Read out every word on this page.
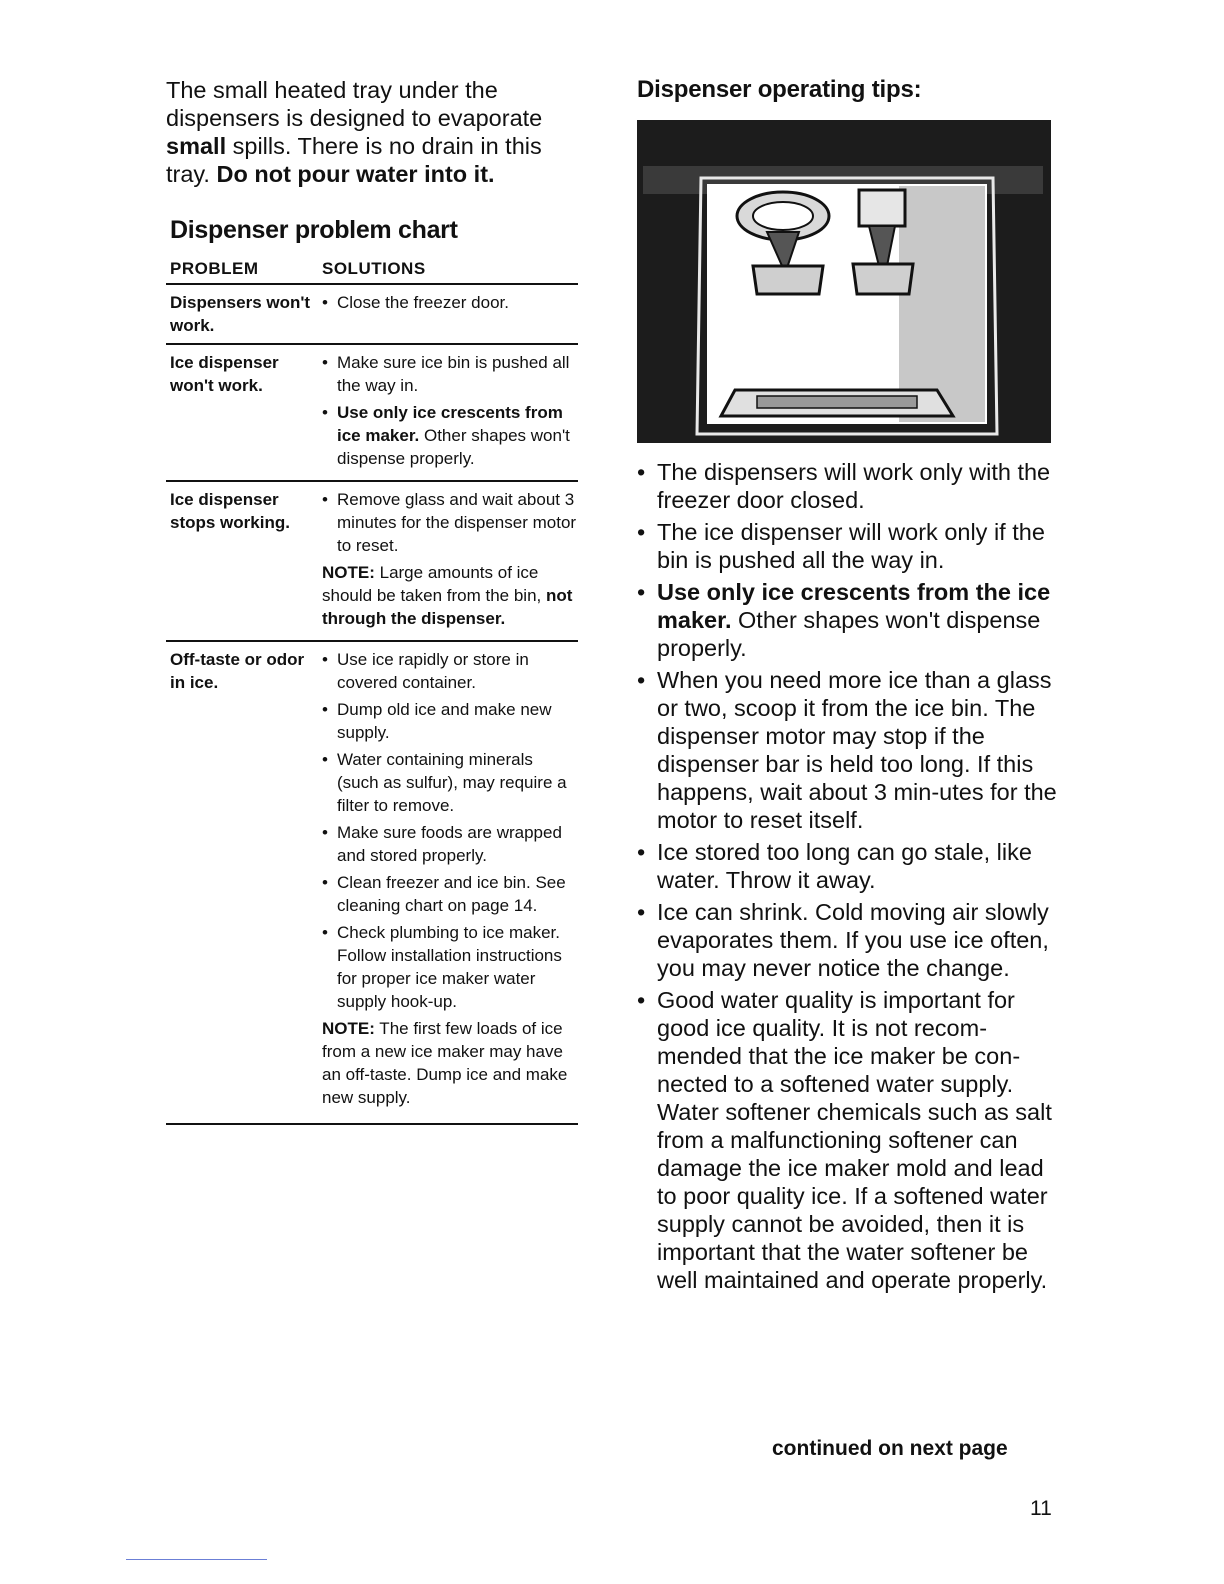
The small heated tray under the dispensers is designed to evaporate small spills. There is no drain in this tray. Do not pour water into it.

Dispenser problem chart
PROBLEM	SOLUTIONS
Dispensers won't work.
• Close the freezer door.
Ice dispenser won't work.
• Make sure ice bin is pushed all the way in.
• Use only ice crescents from ice maker. Other shapes won't dispense properly.
Ice dispenser stops working.
• Remove glass and wait about 3 minutes for the dispenser motor to reset.
NOTE: Large amounts of ice should be taken from the bin, not through the dispenser.
Off-taste or odor in ice.
• Use ice rapidly or store in covered container.
• Dump old ice and make new supply.
• Water containing minerals (such as sulfur), may require a filter to remove.
• Make sure foods are wrapped and stored properly.
• Clean freezer and ice bin. See cleaning chart on page 14.
• Check plumbing to ice maker. Follow installation instructions for proper ice maker water supply hook-up.
NOTE: The first few loads of ice from a new ice maker may have an off-taste. Dump ice and make new supply.
Dispenser operating tips:
• The dispensers will work only with the freezer door closed.
• The ice dispenser will work only if the bin is pushed all the way in.
• Use only ice crescents from the ice maker. Other shapes won't dispense properly.
• When you need more ice than a glass or two, scoop it from the ice bin. The dispenser motor may stop if the dispenser bar is held too long. If this happens, wait about 3 min-utes for the motor to reset itself.
• Ice stored too long can go stale, like water. Throw it away.
• Ice can shrink. Cold moving air slowly evaporates them. If you use ice often, you may never notice the change.
• Good water quality is important for good ice quality. It is not recom-mended that the ice maker be con-nected to a softened water supply. Water softener chemicals such as salt from a malfunctioning softener can damage the ice maker mold and lead to poor quality ice. If a softened water supply cannot be avoided, then it is important that the water softener be well maintained and operate properly.
continued on next page
11
